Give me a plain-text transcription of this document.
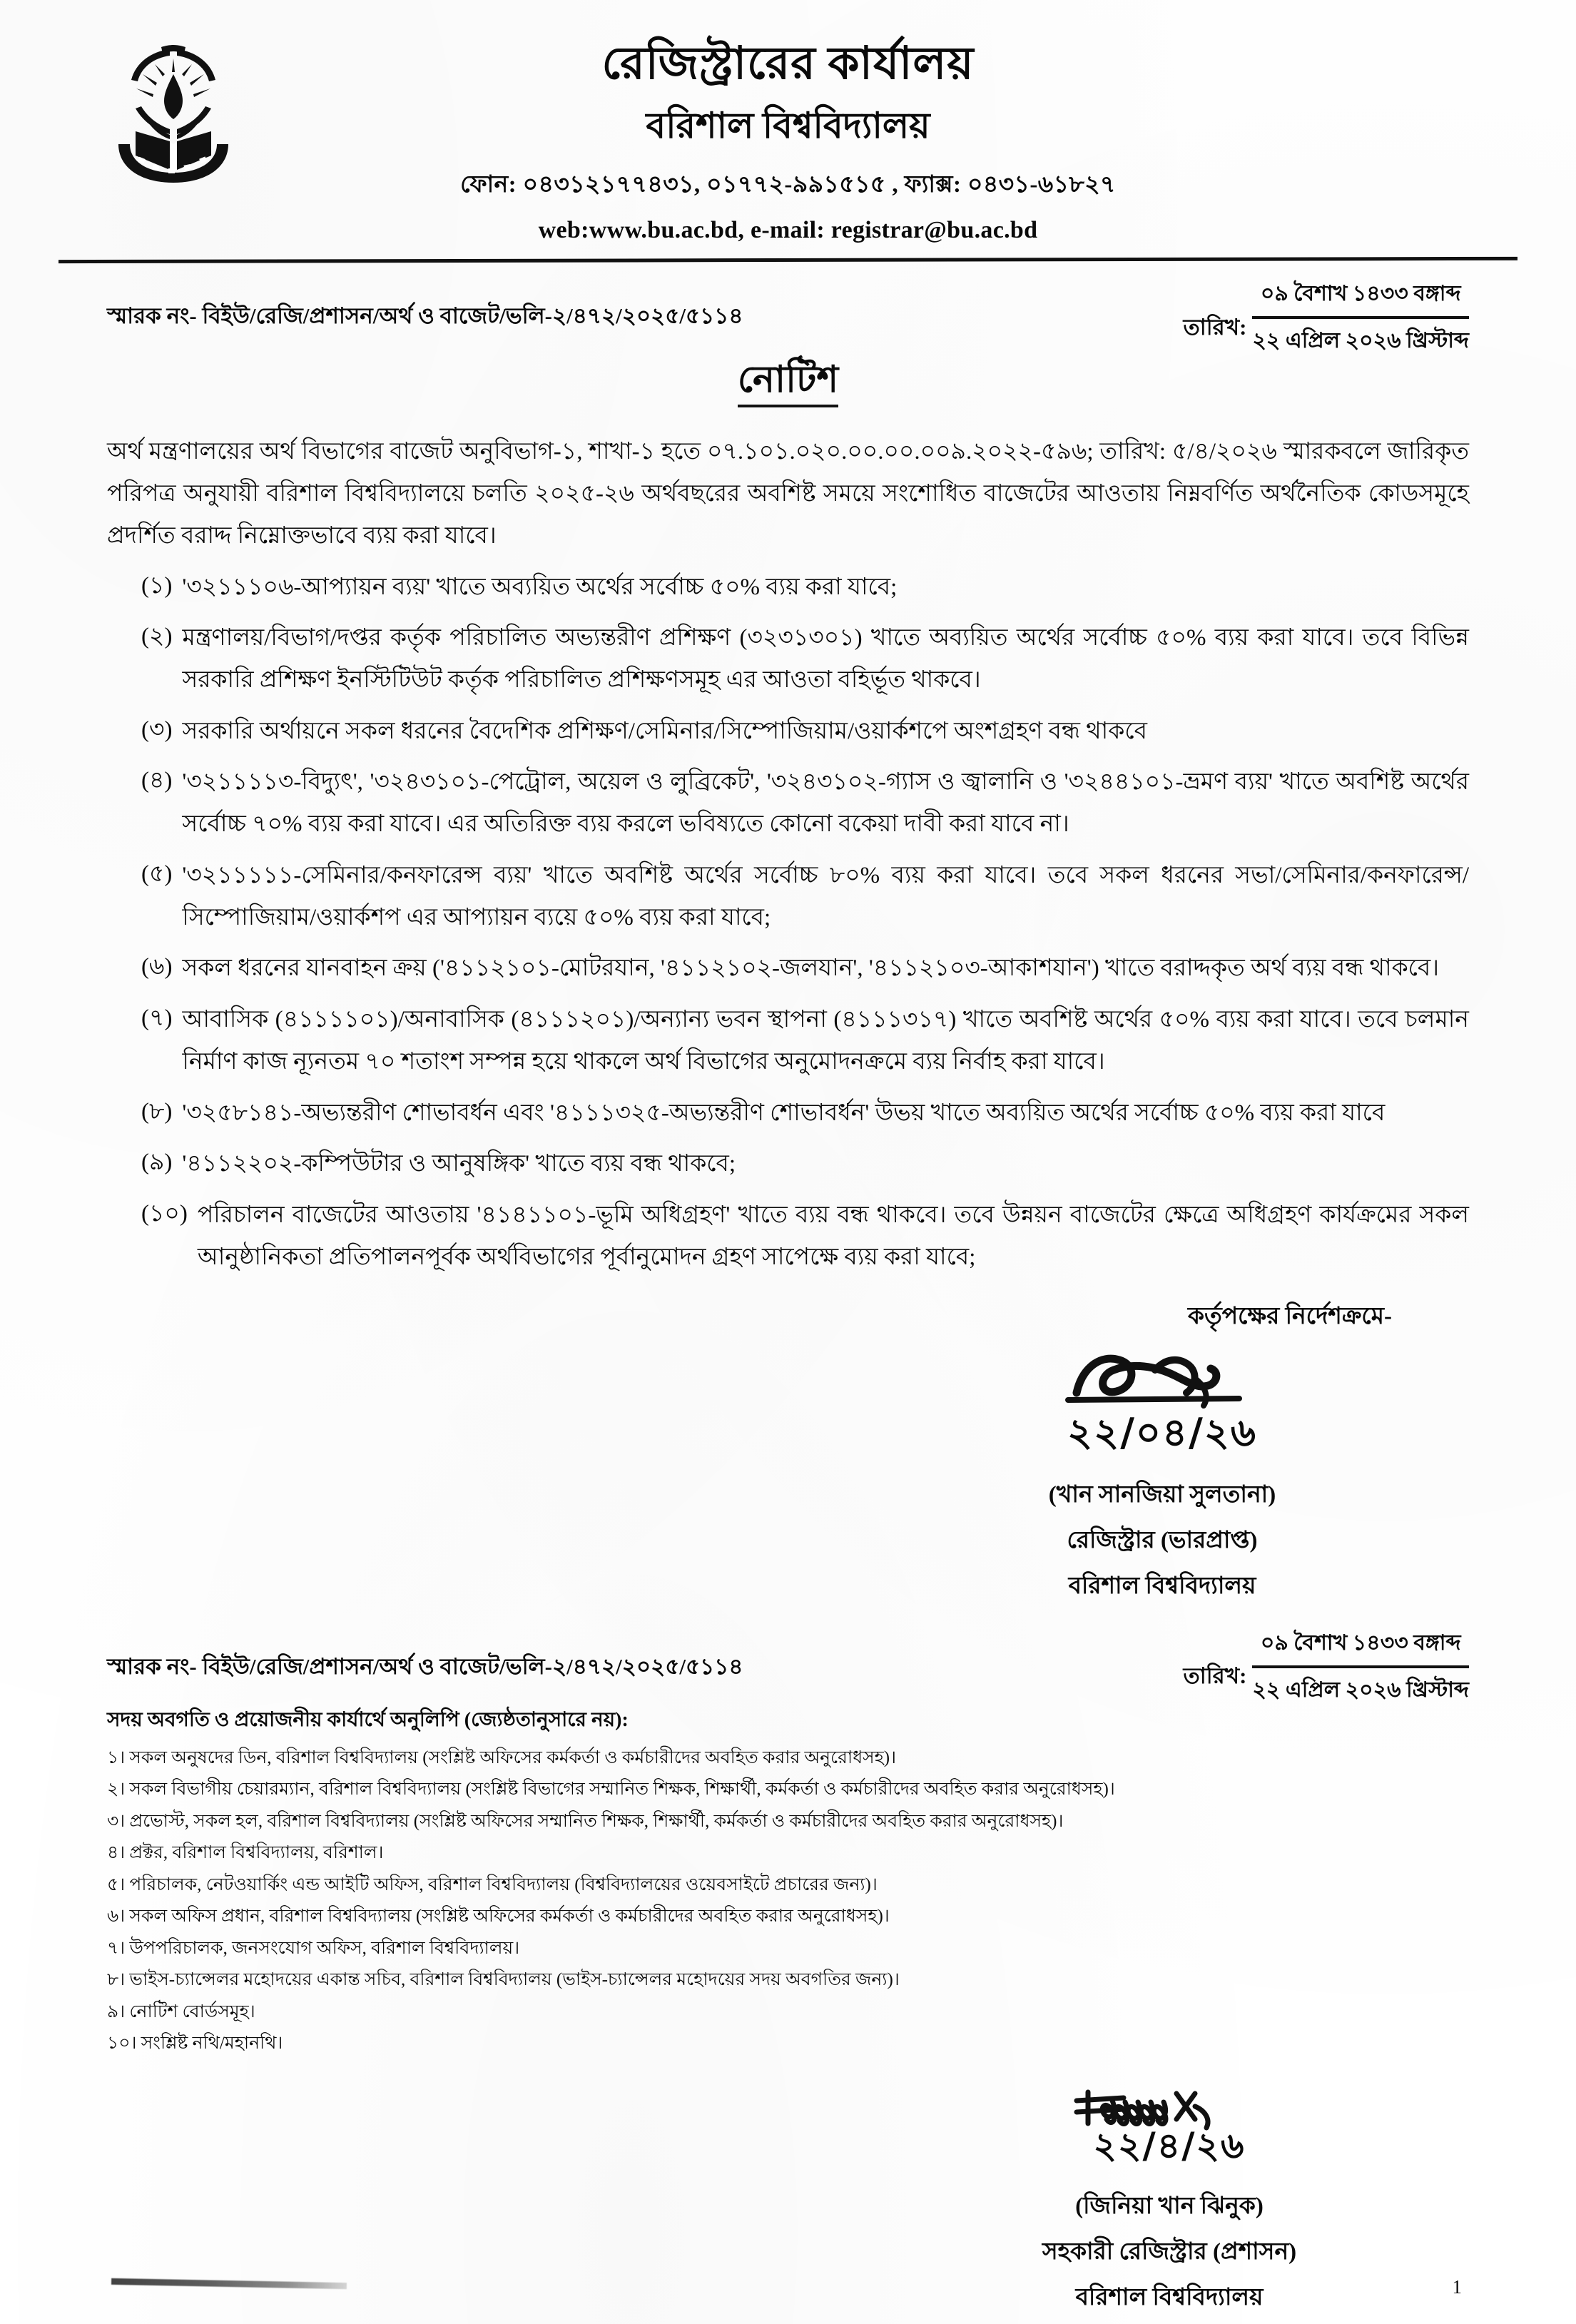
রেজিস্ট্রারের কার্যালয়
বরিশাল বিশ্ববিদ্যালয়
ফোন: ০৪৩১২১৭৭৪৩১, ০১৭৭২-৯৯১৫১৫ , ফ্যাক্স: ০৪৩১-৬১৮২৭
web:www.bu.ac.bd, e-mail: registrar@bu.ac.bd
স্মারক নং- বিইউ/রেজি/প্রশাসন/অর্থ ও বাজেট/ভলি-২/৪৭২/২০২৫/৫১১৪	তারিখ:
০৯ বৈশাখ ১৪৩৩ বঙ্গাব্দ
২২ এপ্রিল ২০২৬ খ্রিস্টাব্দ
নোটিশ
অর্থ মন্ত্রণালয়ের অর্থ বিভাগের বাজেট অনুবিভাগ-১, শাখা-১ হতে ০৭.১০১.০২০.০০.০০.০০৯.২০২২-৫৯৬; তারিখ: ৫/৪/২০২৬ স্মারকবলে জারিকৃত পরিপত্র অনুযায়ী বরিশাল বিশ্ববিদ্যালয়ে চলতি ২০২৫-২৬ অর্থবছরের অবশিষ্ট সময়ে সংশোধিত বাজেটের আওতায় নিম্নবর্ণিত অর্থনৈতিক কোডসমূহে প্রদর্শিত বরাদ্দ নিম্নোক্তভাবে ব্যয় করা যাবে।
(১) '৩২১১১০৬-আপ্যায়ন ব্যয়' খাতে অব্যয়িত অর্থের সর্বোচ্চ ৫০% ব্যয় করা যাবে;
(২) মন্ত্রণালয়/বিভাগ/দপ্তর কর্তৃক পরিচালিত অভ্যন্তরীণ প্রশিক্ষণ (৩২৩১৩০১) খাতে অব্যয়িত অর্থের সর্বোচ্চ ৫০% ব্যয় করা যাবে। তবে বিভিন্ন সরকারি প্রশিক্ষণ ইনস্টিটিউট কর্তৃক পরিচালিত প্রশিক্ষণসমূহ এর আওতা বহির্ভূত থাকবে।
(৩) সরকারি অর্থায়নে সকল ধরনের বৈদেশিক প্রশিক্ষণ/সেমিনার/সিম্পোজিয়াম/ওয়ার্কশপে অংশগ্রহণ বন্ধ থাকবে
(৪) '৩২১১১১৩-বিদ্যুৎ', '৩২৪৩১০১-পেট্রোল, অয়েল ও লুব্রিকেট', '৩২৪৩১০২-গ্যাস ও জ্বালানি ও '৩২৪৪১০১-ভ্রমণ ব্যয়' খাতে অবশিষ্ট অর্থের সর্বোচ্চ ৭০% ব্যয় করা যাবে। এর অতিরিক্ত ব্যয় করলে ভবিষ্যতে কোনো বকেয়া দাবী করা যাবে না।
(৫) '৩২১১১১১-সেমিনার/কনফারেন্স ব্যয়' খাতে অবশিষ্ট অর্থের সর্বোচ্চ ৮০% ব্যয় করা যাবে। তবে সকল ধরনের সভা/সেমিনার/কনফারেন্স/সিম্পোজিয়াম/ওয়ার্কশপ এর আপ্যায়ন ব্যয়ে ৫০% ব্যয় করা যাবে;
(৬) সকল ধরনের যানবাহন ক্রয় ('৪১১২১০১-মোটরযান, '৪১১২১০২-জলযান', '৪১১২১০৩-আকাশযান') খাতে বরাদ্দকৃত অর্থ ব্যয় বন্ধ থাকবে।
(৭) আবাসিক (৪১১১১০১)/অনাবাসিক (৪১১১২০১)/অন্যান্য ভবন স্থাপনা (৪১১১৩১৭) খাতে অবশিষ্ট অর্থের ৫০% ব্যয় করা যাবে। তবে চলমান নির্মাণ কাজ ন্যূনতম ৭০ শতাংশ সম্পন্ন হয়ে থাকলে অর্থ বিভাগের অনুমোদনক্রমে ব্যয় নির্বাহ করা যাবে।
(৮) '৩২৫৮১৪১-অভ্যন্তরীণ শোভাবর্ধন এবং '৪১১১৩২৫-অভ্যন্তরীণ শোভাবর্ধন' উভয় খাতে অব্যয়িত অর্থের সর্বোচ্চ ৫০% ব্যয় করা যাবে
(৯) '৪১১২২০২-কম্পিউটার ও আনুষঙ্গিক' খাতে ব্যয় বন্ধ থাকবে;
(১০) পরিচালন বাজেটের আওতায় '৪১৪১১০১-ভূমি অধিগ্রহণ' খাতে ব্যয় বন্ধ থাকবে। তবে উন্নয়ন বাজেটের ক্ষেত্রে অধিগ্রহণ কার্যক্রমের সকল আনুষ্ঠানিকতা প্রতিপালনপূর্বক অর্থবিভাগের পূর্বানুমোদন গ্রহণ সাপেক্ষে ব্যয় করা যাবে;
কর্তৃপক্ষের নির্দেশক্রমে-
২২/০৪/২৬
(খান সানজিয়া সুলতানা)
রেজিস্ট্রার (ভারপ্রাপ্ত)
বরিশাল বিশ্ববিদ্যালয়
স্মারক নং- বিইউ/রেজি/প্রশাসন/অর্থ ও বাজেট/ভলি-২/৪৭২/২০২৫/৫১১৪	তারিখ:
০৯ বৈশাখ ১৪৩৩ বঙ্গাব্দ
২২ এপ্রিল ২০২৬ খ্রিস্টাব্দ
সদয় অবগতি ও প্রয়োজনীয় কার্যার্থে অনুলিপি (জ্যেষ্ঠতানুসারে নয়):
১। সকল অনুষদের ডিন, বরিশাল বিশ্ববিদ্যালয় (সংশ্লিষ্ট অফিসের কর্মকর্তা ও কর্মচারীদের অবহিত করার অনুরোধসহ)।
২। সকল বিভাগীয় চেয়ারম্যান, বরিশাল বিশ্ববিদ্যালয় (সংশ্লিষ্ট বিভাগের সম্মানিত শিক্ষক, শিক্ষার্থী, কর্মকর্তা ও কর্মচারীদের অবহিত করার অনুরোধসহ)।
৩। প্রভোস্ট, সকল হল, বরিশাল বিশ্ববিদ্যালয় (সংশ্লিষ্ট অফিসের সম্মানিত শিক্ষক, শিক্ষার্থী, কর্মকর্তা ও কর্মচারীদের অবহিত করার অনুরোধসহ)।
৪। প্রক্টর, বরিশাল বিশ্ববিদ্যালয়, বরিশাল।
৫। পরিচালক, নেটওয়ার্কিং এন্ড আইটি অফিস, বরিশাল বিশ্ববিদ্যালয় (বিশ্ববিদ্যালয়ের ওয়েবসাইটে প্রচারের জন্য)।
৬। সকল অফিস প্রধান, বরিশাল বিশ্ববিদ্যালয় (সংশ্লিষ্ট অফিসের কর্মকর্তা ও কর্মচারীদের অবহিত করার অনুরোধসহ)।
৭। উপপরিচালক, জনসংযোগ অফিস, বরিশাল বিশ্ববিদ্যালয়।
৮। ভাইস-চ্যান্সেলর মহোদয়ের একান্ত সচিব, বরিশাল বিশ্ববিদ্যালয় (ভাইস-চ্যান্সেলর মহোদয়ের সদয় অবগতির জন্য)।
৯। নোটিশ বোর্ডসমূহ।
১০। সংশ্লিষ্ট নথি/মহানথি।
২২/৪/২৬
(জিনিয়া খান ঝিনুক)
সহকারী রেজিস্ট্রার (প্রশাসন)
বরিশাল বিশ্ববিদ্যালয়	1
